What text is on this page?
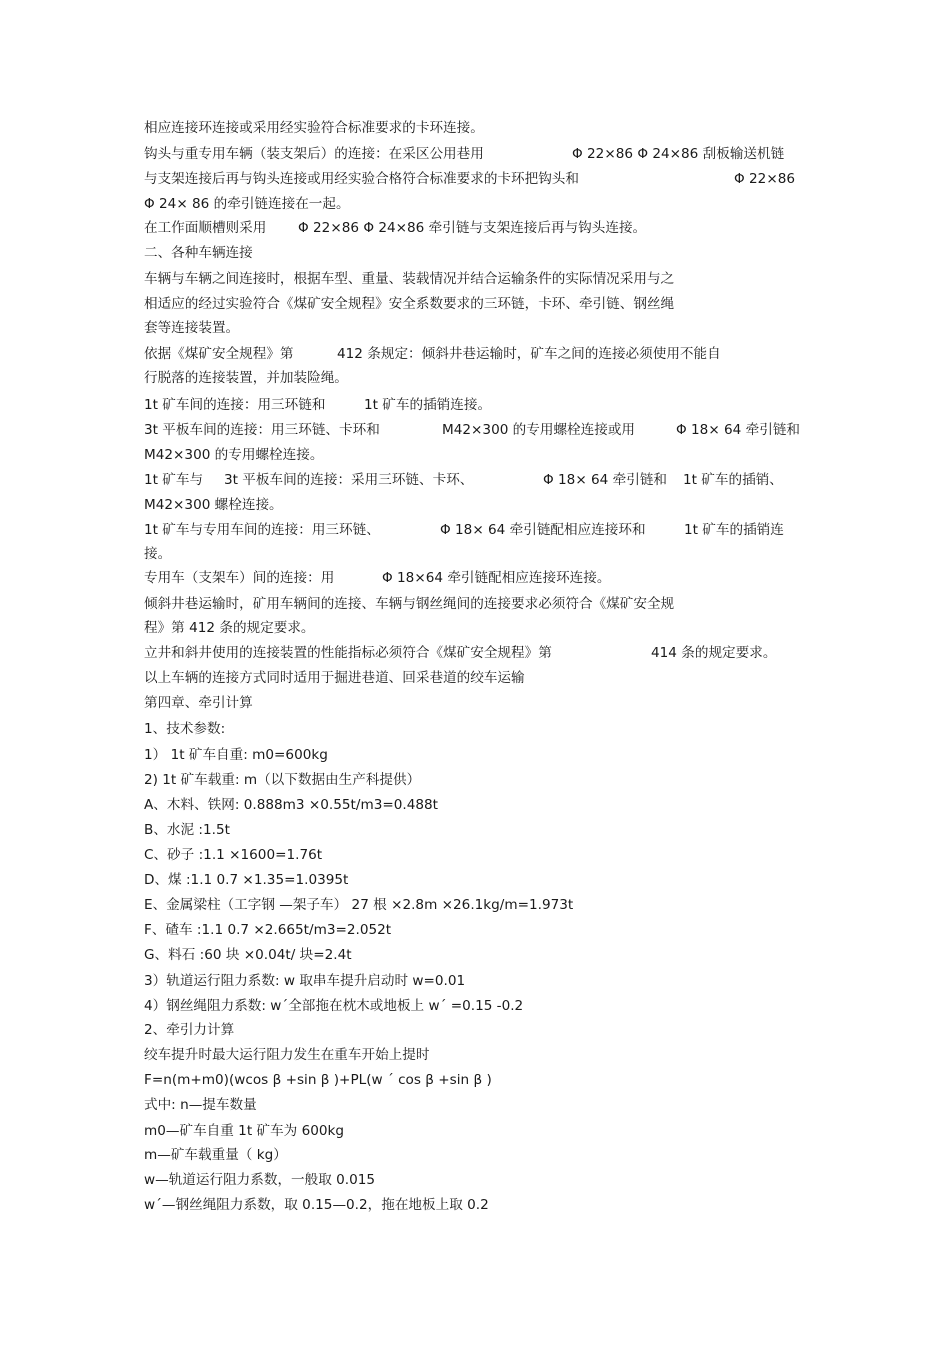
相应连接环连接或采用经实验符合标准要求的卡环连接。
钩头与重专用车辆（装支架后）的连接：在采区公用巷用
与支架连接后再与钩头连接或用经实验合格符合标准要求的卡环把钩头和
在工作面顺槽则采用
二、各种车辆连接
车辆与车辆之间连接时，根据车型、重量、装载情况并结合运输条件的实际情况采用与之
相适应的经过实验符合《煤矿安全规程》安全系数要求的三环链，卡环、牵引链、钢丝绳
套等连接装置。
依据《煤矿安全规程》第
行脱落的连接装置，并加装险绳。
1t 矿车间的连接：用三环链和
3t 平板车间的连接：用三环链、卡环和
M42×300 的专用螺栓连接。
1t 矿车与
M42×300 螺栓连接。
1t 矿车与专用车间的连接：用三环链、
接。
专用车（支架车）间的连接：用
倾斜井巷运输时，矿用车辆间的连接、车辆与钢丝绳间的连接要求必须符合《煤矿安全规
程》第 412 条的规定要求。
立井和斜井使用的连接装置的性能指标必须符合《煤矿安全规程》第
以上车辆的连接方式同时适用于掘进巷道、回采巷道的绞车运输
第四章、牵引计算
1、技术参数:
1） 1t 矿车自重: m0=600kg
2) 1t 矿车载重: m（以下数据由生产科提供）
A、木料、铁网: 0.888m3 ×0.55t/m3=0.488t
B、水泥 :1.5t
C、砂子 :1.1 ×1600=1.76t
D、煤 :1.1 0.7 ×1.35=1.0395t
E、金属梁柱（工字钢 —架子车） 27 根 ×2.8m ×26.1kg/m=1.973t
F、碴车 :1.1 0.7 ×2.665t/m3=2.052t
G、料石 :60 块 ×0.04t/ 块=2.4t
3）轨道运行阻力系数: w 取串车提升启动时 w=0.01
4）钢丝绳阻力系数: w´全部拖在枕木或地板上 w´ =0.15 -0.2
2、牵引力计算
绞车提升时最大运行阻力发生在重车开始上提时
F=n(m+m0)(wcos β +sin β )+PL(w ´ cos β +sin β )
式中: n—提车数量
m0—矿车自重 1t 矿车为 600kg
m—矿车载重量（ kg）
w—轨道运行阻力系数，一般取 0.015
w´—钢丝绳阻力系数，取 0.15—0.2，拖在地板上取 0.2
Φ 22×86 Φ 24×86 刮板输送机链
Φ 22×86
Φ 24× 86 的牵引链连接在一起。
Φ 22×86 Φ 24×86 牵引链与支架连接后再与钩头连接。
412 条规定：倾斜井巷运输时，矿车之间的连接必须使用不能自
1t 矿车的插销连接。
M42×300 的专用螺栓连接或用	Φ 18× 64 牵引链和
3t 平板车间的连接：采用三环链、卡环、	Φ 18× 64 牵引链和 1t 矿车的插销、
Φ 18× 64 牵引链配相应连接环和	1t 矿车的插销连
Φ 18×64 牵引链配相应连接环连接。
414 条的规定要求。
